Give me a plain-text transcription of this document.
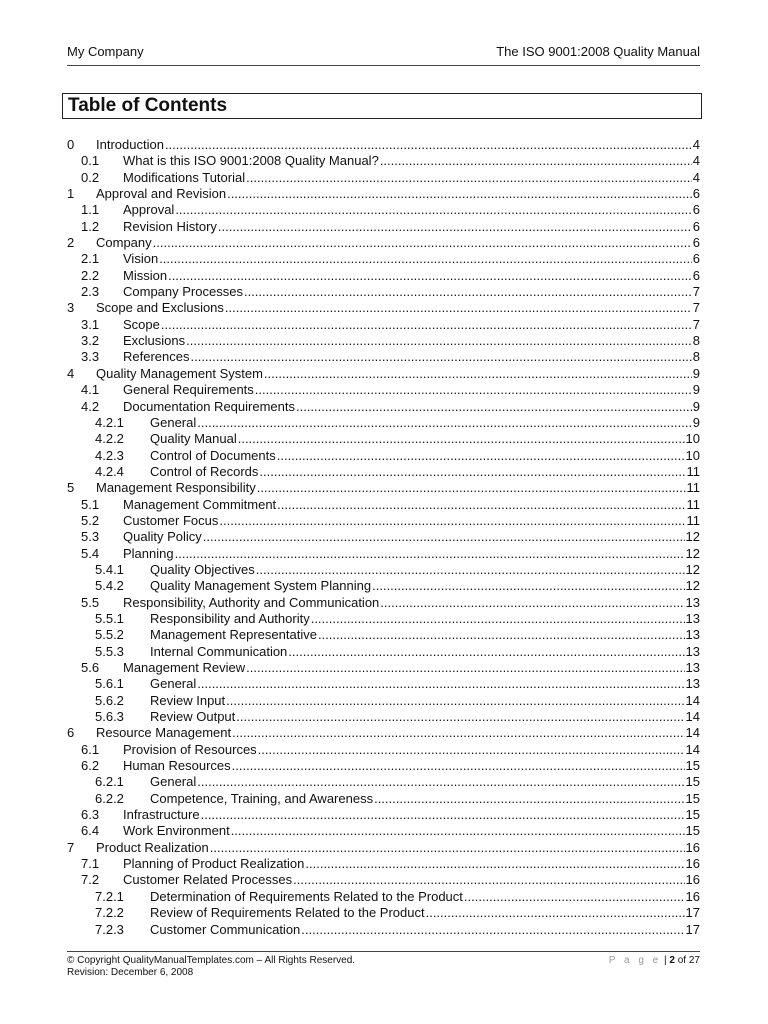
My Company	The ISO 9001:2008 Quality Manual
Table of Contents
0	Introduction .....	4
0.1	What is this ISO 9001:2008 Quality Manual? .....	4
0.2	Modifications Tutorial .....	4
1	Approval and Revision .....	6
1.1	Approval .....	6
1.2	Revision History .....	6
2	Company .....	6
2.1	Vision .....	6
2.2	Mission .....	6
2.3	Company Processes .....	7
3	Scope and Exclusions .....	7
3.1	Scope .....	7
3.2	Exclusions .....	8
3.3	References .....	8
4	Quality Management System .....	9
4.1	General Requirements .....	9
4.2	Documentation Requirements .....	9
4.2.1	General .....	9
4.2.2	Quality Manual .....	10
4.2.3	Control of Documents .....	10
4.2.4	Control of Records .....	11
5	Management Responsibility .....	11
5.1	Management Commitment .....	11
5.2	Customer Focus .....	11
5.3	Quality Policy .....	12
5.4	Planning .....	12
5.4.1	Quality Objectives .....	12
5.4.2	Quality Management System Planning .....	12
5.5	Responsibility, Authority and Communication .....	13
5.5.1	Responsibility and Authority .....	13
5.5.2	Management Representative .....	13
5.5.3	Internal Communication .....	13
5.6	Management Review .....	13
5.6.1	General .....	13
5.6.2	Review Input .....	14
5.6.3	Review Output .....	14
6	Resource Management .....	14
6.1	Provision of Resources .....	14
6.2	Human Resources .....	15
6.2.1	General .....	15
6.2.2	Competence, Training, and Awareness .....	15
6.3	Infrastructure .....	15
6.4	Work Environment .....	15
7	Product Realization .....	16
7.1	Planning of Product Realization .....	16
7.2	Customer Related Processes .....	16
7.2.1	Determination of Requirements Related to the Product .....	16
7.2.2	Review of Requirements Related to the Product .....	17
7.2.3	Customer Communication .....	17
© Copyright QualityManualTemplates.com – All Rights Reserved.	P a g e | 2 of 27
Revision: December 6, 2008
